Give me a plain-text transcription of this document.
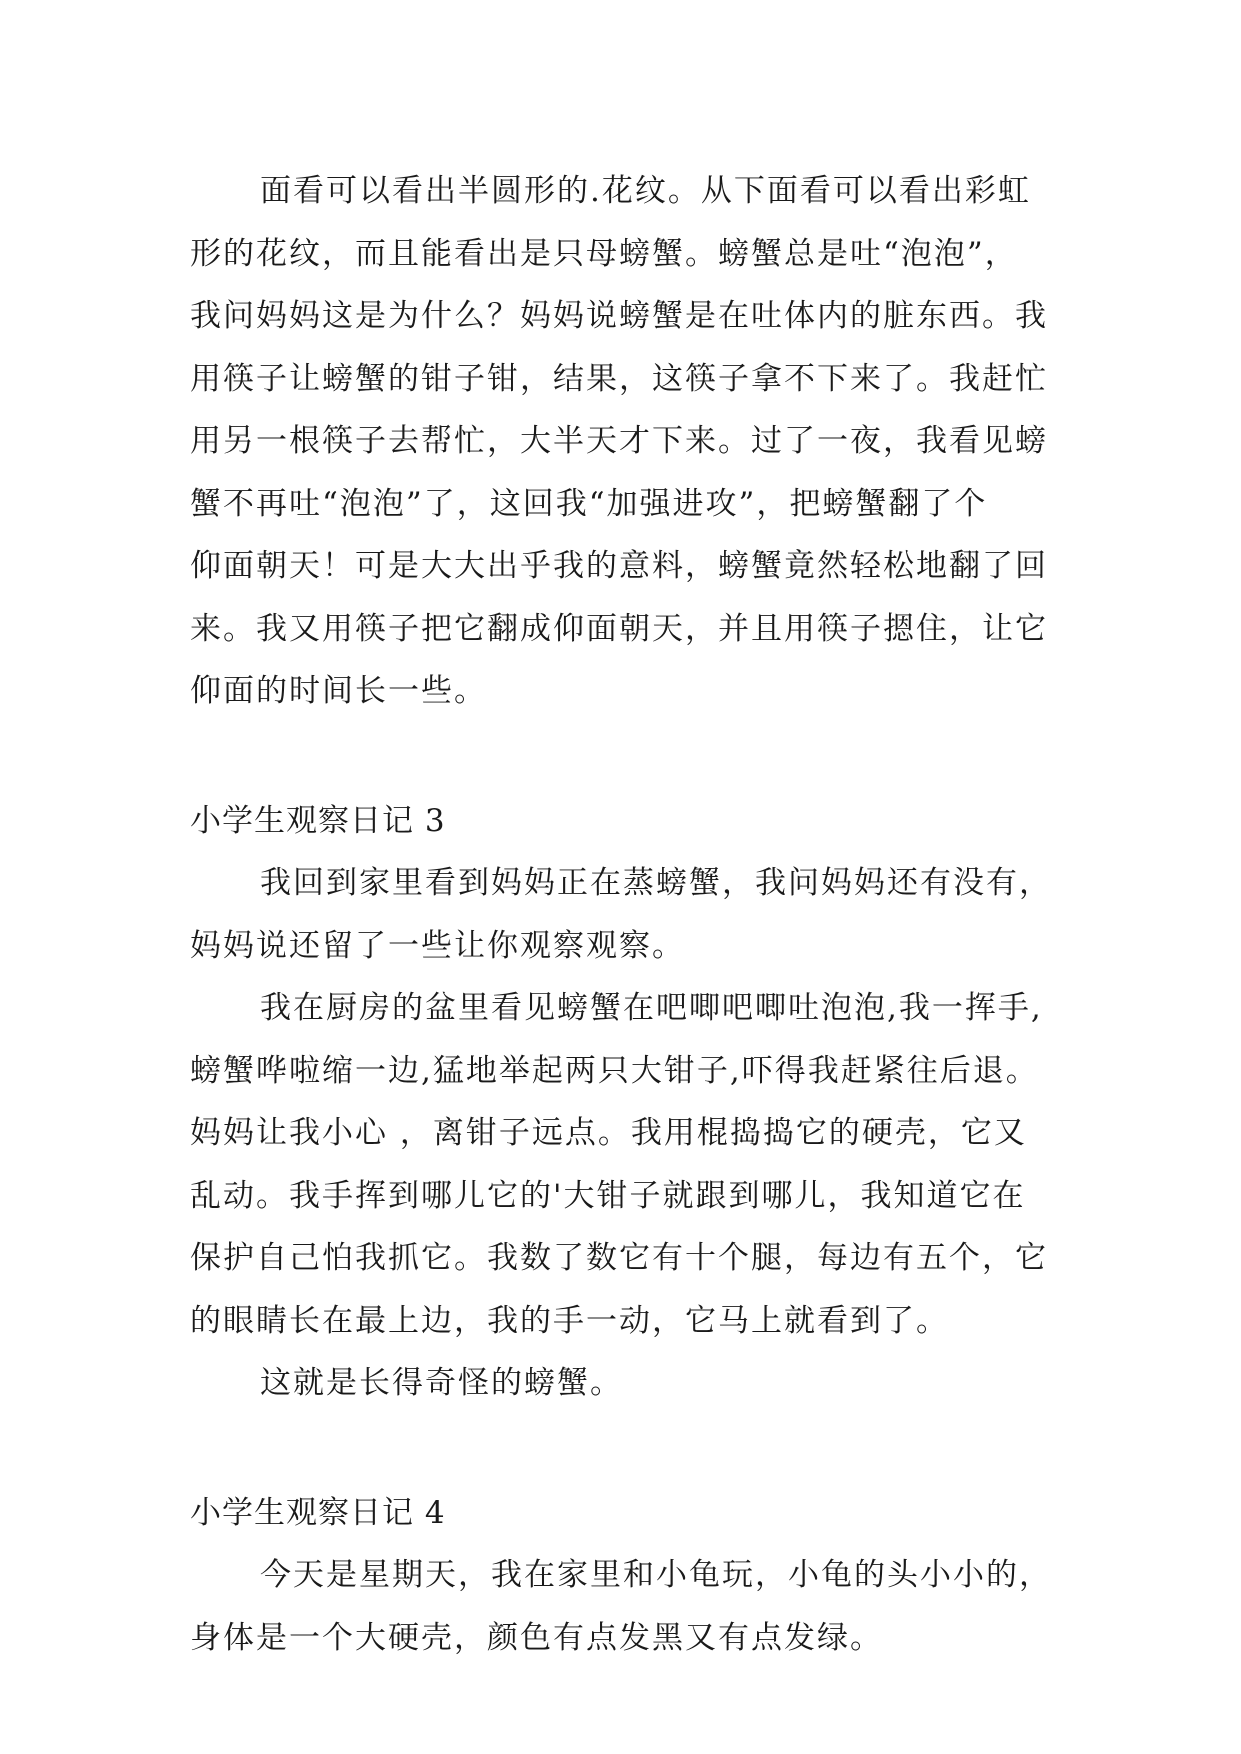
面看可以看出半圆形的.花纹。从下面看可以看出彩虹
形的花纹，而且能看出是只母螃蟹。螃蟹总是吐“泡泡”，
我问妈妈这是为什么？妈妈说螃蟹是在吐体内的脏东西。我
用筷子让螃蟹的钳子钳，结果，这筷子拿不下来了。我赶忙
用另一根筷子去帮忙，大半天才下来。过了一夜，我看见螃
蟹不再吐“泡泡”了，这回我“加强进攻”，把螃蟹翻了个
仰面朝天！可是大大出乎我的意料，螃蟹竟然轻松地翻了回
来。我又用筷子把它翻成仰面朝天，并且用筷子摁住，让它
仰面的时间长一些。

小学生观察日记 3

我回到家里看到妈妈正在蒸螃蟹，我问妈妈还有没有，
妈妈说还留了一些让你观察观察。

我在厨房的盆里看见螃蟹在吧唧吧唧吐泡泡,我一挥手,
螃蟹哗啦缩一边,猛地举起两只大钳子,吓得我赶紧往后退。
妈妈让我小心 ，离钳子远点。我用棍捣捣它的硬壳，它又
乱动。我手挥到哪儿它的'大钳子就跟到哪儿，我知道它在
保护自己怕我抓它。我数了数它有十个腿，每边有五个，它
的眼睛长在最上边，我的手一动，它马上就看到了。

这就是长得奇怪的螃蟹。

小学生观察日记 4

今天是星期天，我在家里和小龟玩，小龟的头小小的，
身体是一个大硬壳，颜色有点发黑又有点发绿。
